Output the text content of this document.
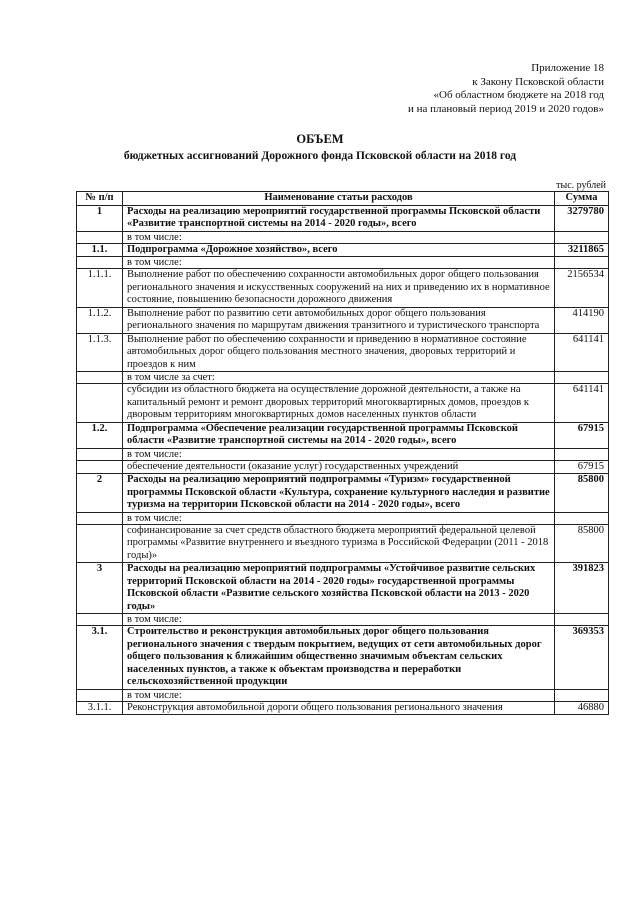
Приложение 18
к Закону Псковской области
«Об областном бюджете на 2018 год
и на плановый период 2019 и 2020 годов»
ОБЪЕМ
бюджетных ассигнований Дорожного фонда Псковской области на 2018 год
тыс. рублей
№ п/п	Наименование статьи расходов	Сумма
1	Расходы на реализацию мероприятий государственной программы Псковской области «Развитие транспортной системы на 2014 - 2020 годы», всего	3279780
	в том числе:	
1.1.	Подпрограмма «Дорожное хозяйство», всего	3211865
	в том числе:	
1.1.1.	Выполнение работ по обеспечению сохранности автомобильных дорог общего пользования регионального значения и искусственных сооружений на них и приведению их в нормативное состояние, повышению безопасности дорожного движения	2156534
1.1.2.	Выполнение работ по развитию сети автомобильных дорог общего пользования регионального значения по маршрутам движения транзитного и туристического транспорта	414190
1.1.3.	Выполнение работ по обеспечению сохранности и приведению в нормативное состояние автомобильных дорог общего пользования местного значения, дворовых территорий и проездов к ним	641141
	в том числе за счет:	
	субсидии из областного бюджета на осуществление дорожной деятельности, а также на капитальный ремонт и ремонт дворовых территорий многоквартирных домов, проездов к дворовым территориям многоквартирных домов населенных пунктов области	641141
1.2.	Подпрограмма «Обеспечение реализации государственной программы Псковской области «Развитие транспортной системы на 2014 - 2020 годы», всего	67915
	в том числе:	
	обеспечение деятельности (оказание услуг) государственных учреждений	67915
2	Расходы на реализацию мероприятий подпрограммы «Туризм» государственной программы Псковской области «Культура, сохранение культурного наследия и развитие туризма на территории Псковской области на 2014 - 2020 годы», всего	85800
	в том числе:	
	софинансирование за счет средств областного бюджета мероприятий федеральной целевой программы «Развитие внутреннего и въездного туризма в Российской Федерации (2011 - 2018 годы)»	85800
3	Расходы на реализацию мероприятий подпрограммы «Устойчивое развитие сельских территорий Псковской области на 2014 - 2020 годы» государственной программы Псковской области «Развитие сельского хозяйства Псковской области на 2013 - 2020 годы»	391823
	в том числе:	
3.1.	Строительство и реконструкция автомобильных дорог общего пользования регионального значения с твердым покрытием, ведущих от сети автомобильных дорог общего пользования к ближайшим общественно значимым объектам сельских населенных пунктов, а также к объектам производства и переработки сельскохозяйственной продукции	369353
	в том числе:	
3.1.1.	Реконструкция автомобильной дороги общего пользования регионального значения	46880
